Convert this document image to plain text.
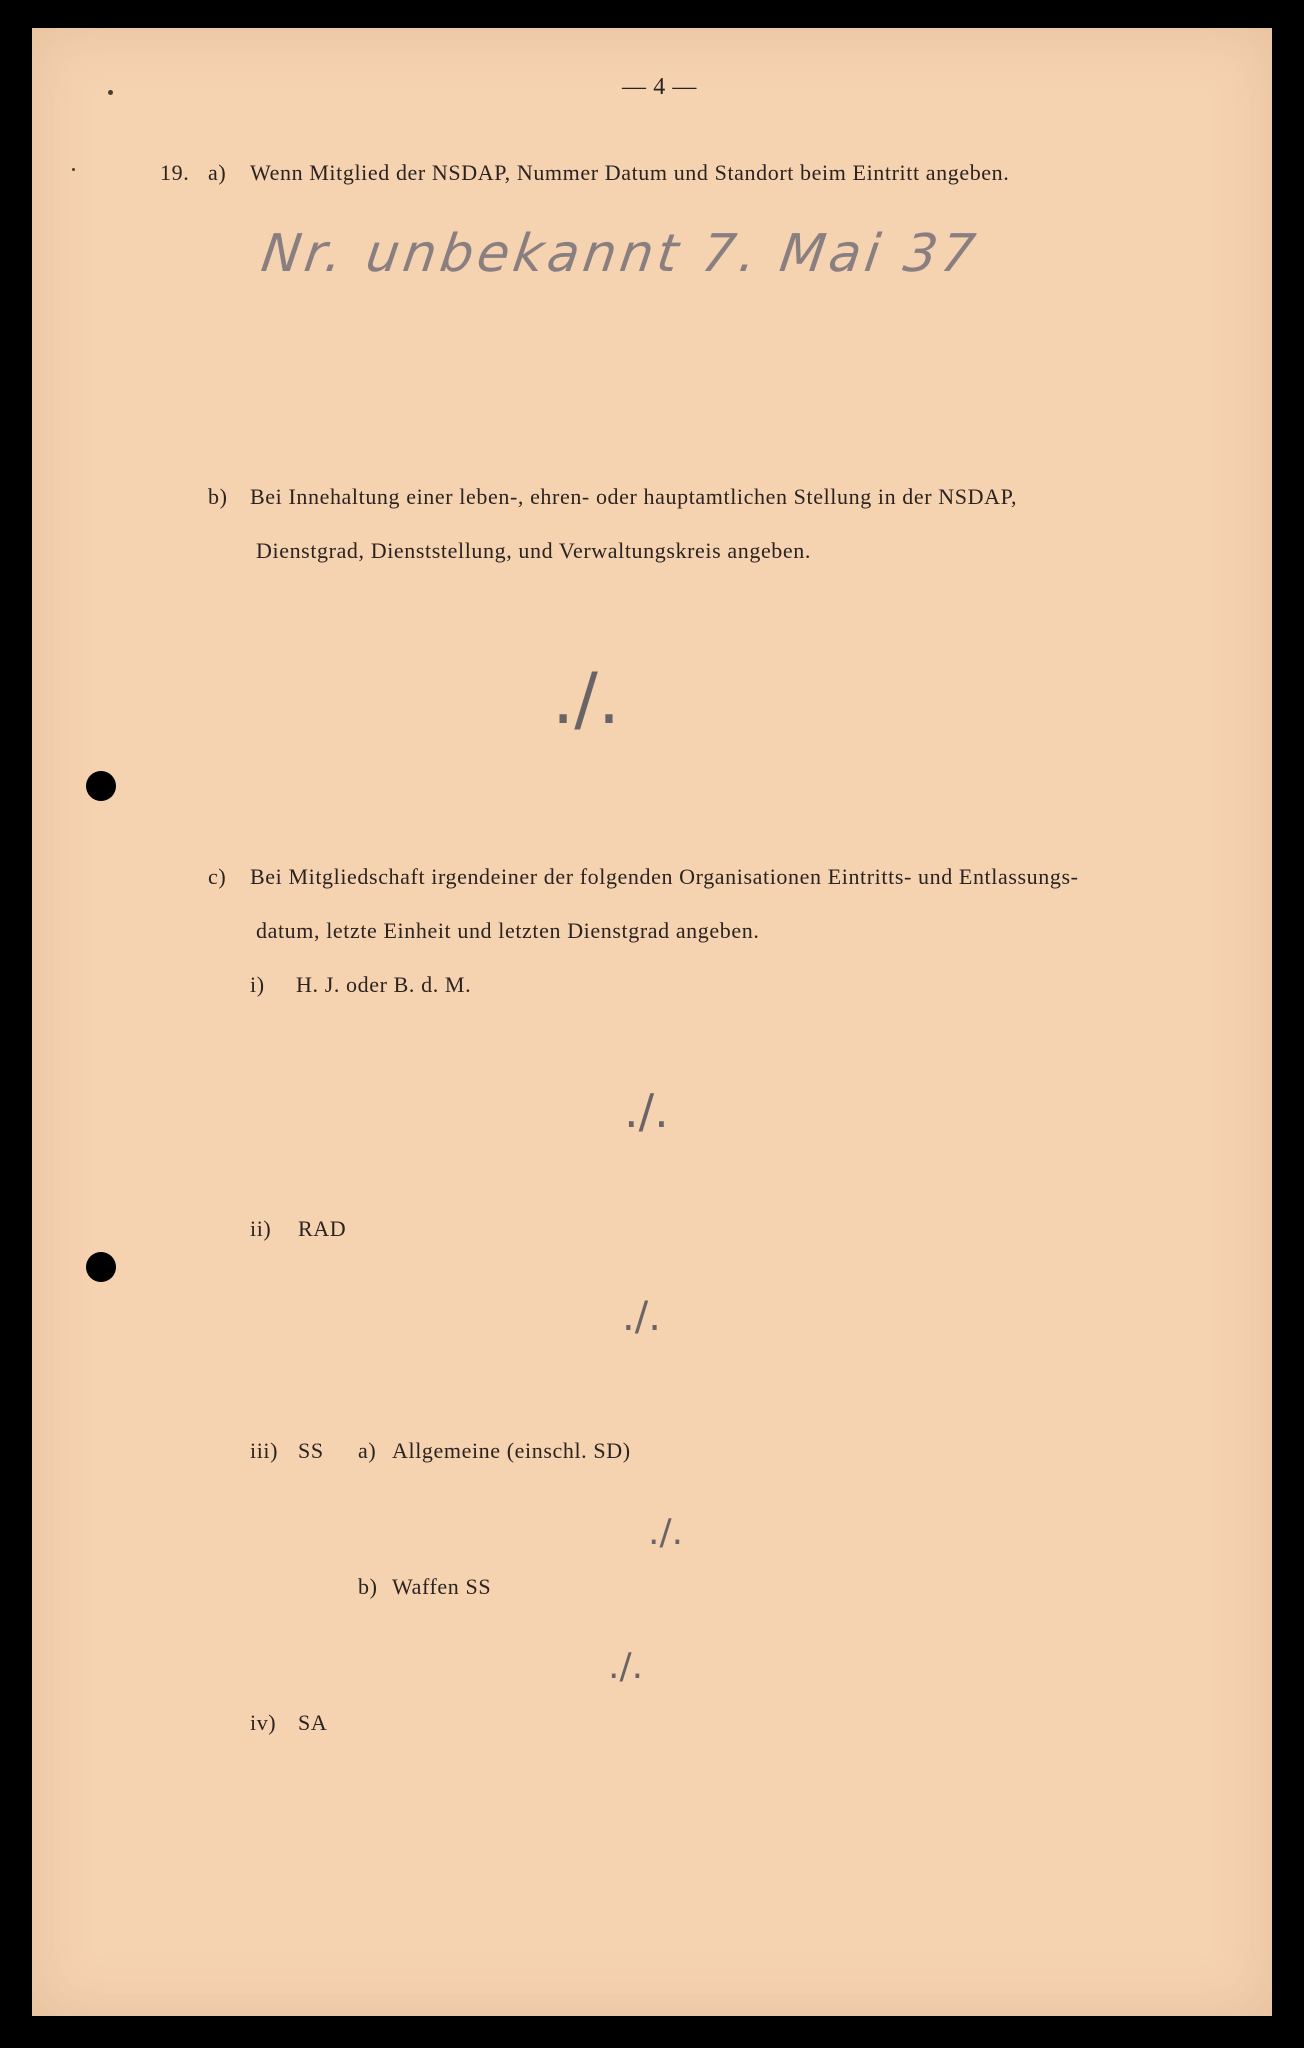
— 4 —
19. a) Wenn Mitglied der NSDAP, Nummer Datum und Standort beim Eintritt angeben.
Nr. unbekannt 7. Mai 37
b) Bei Innehaltung einer leben-, ehren- oder hauptamtlichen Stellung in der NSDAP,
Dienstgrad, Dienststellung, und Verwaltungskreis angeben.
./.
c) Bei Mitgliedschaft irgendeiner der folgenden Organisationen Eintritts- und Entlassungs-
datum, letzte Einheit und letzten Dienstgrad angeben.
i) H. J. oder B. d. M.
./.
ii) RAD
./.
iii) SS a) Allgemeine (einschl. SD)
./.
b) Waffen SS
./.
iv) SA
